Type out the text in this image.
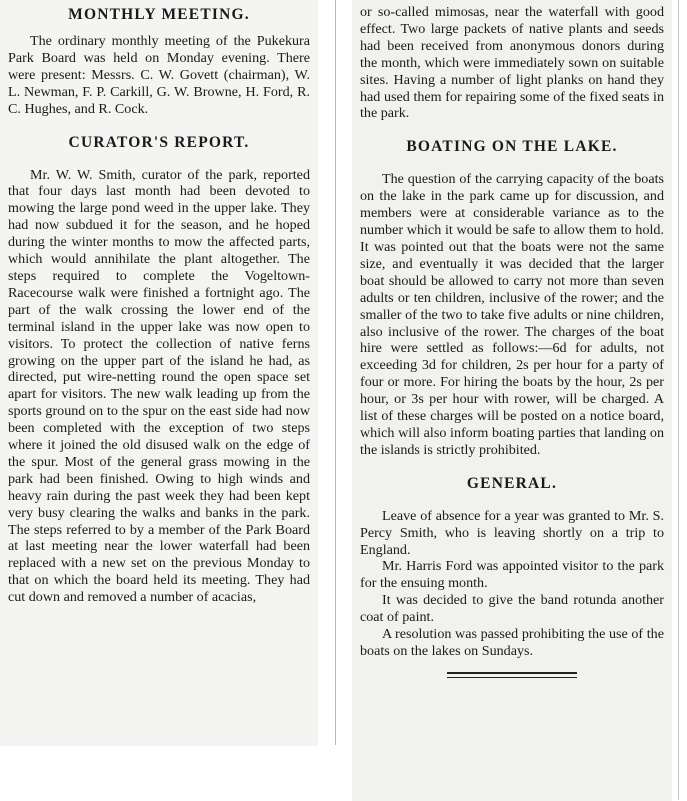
MONTHLY MEETING.

The ordinary monthly meeting of the Pukekura Park Board was held on Monday evening. There were present: Messrs. C. W. Govett (chairman), W. L. Newman, F. P. Carkill, G. W. Browne, H. Ford, R. C. Hughes, and R. Cock.

CURATOR'S REPORT.

Mr. W. W. Smith, curator of the park, reported that four days last month had been devoted to mowing the large pond weed in the upper lake. They had now subdued it for the season, and he hoped during the winter months to mow the affected parts, which would annihilate the plant altogether. The steps required to complete the Vogeltown-Racecourse walk were finished a fortnight ago. The part of the walk crossing the lower end of the terminal island in the upper lake was now open to visitors. To protect the collection of native ferns growing on the upper part of the island he had, as directed, put wire-netting round the open space set apart for visitors. The new walk leading up from the sports ground on to the spur on the east side had now been completed with the exception of two steps where it joined the old disused walk on the edge of the spur. Most of the general grass mowing in the park had been finished. Owing to high winds and heavy rain during the past week they had been kept very busy clearing the walks and banks in the park. The steps referred to by a member of the Park Board at last meeting near the lower waterfall had been replaced with a new set on the previous Monday to that on which the board held its meeting. They had cut down and removed a number of acacias,

or so-called mimosas, near the waterfall with good effect. Two large packets of native plants and seeds had been received from anonymous donors during the month, which were immediately sown on suitable sites. Having a number of light planks on hand they had used them for repairing some of the fixed seats in the park.

BOATING ON THE LAKE.

The question of the carrying capacity of the boats on the lake in the park came up for discussion, and members were at considerable variance as to the number which it would be safe to allow them to hold. It was pointed out that the boats were not the same size, and eventually it was decided that the larger boat should be allowed to carry not more than seven adults or ten children, inclusive of the rower; and the smaller of the two to take five adults or nine children, also inclusive of the rower. The charges of the boat hire were settled as follows:—6d for adults, not exceeding 3d for children, 2s per hour for a party of four or more. For hiring the boats by the hour, 2s per hour, or 3s per hour with rower, will be charged. A list of these charges will be posted on a notice board, which will also inform boating parties that landing on the islands is strictly prohibited.

GENERAL.

Leave of absence for a year was granted to Mr. S. Percy Smith, who is leaving shortly on a trip to England.

Mr. Harris Ford was appointed visitor to the park for the ensuing month.

It was decided to give the band rotunda another coat of paint.

A resolution was passed prohibiting the use of the boats on the lakes on Sundays.
